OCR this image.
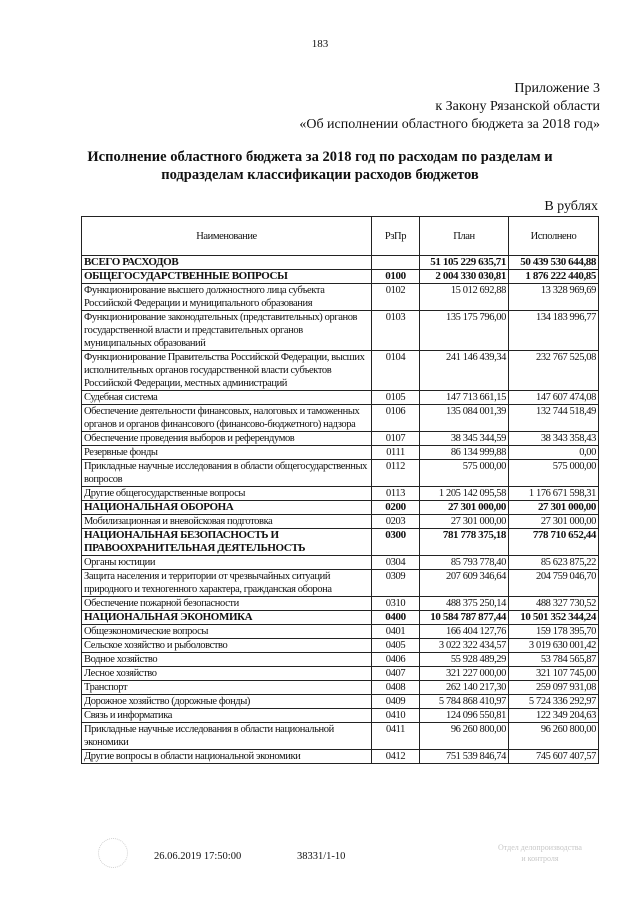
183
Приложение 3
к Закону Рязанской области
«Об исполнении областного бюджета за 2018 год»
Исполнение областного бюджета за 2018 год по расходам по разделам и подразделам классификации расходов бюджетов
В рублях
Наименование	РзПр	План	Исполнено
ВСЕГО РАСХОДОВ		51 105 229 635,71	50 439 530 644,88
ОБЩЕГОСУДАРСТВЕННЫЕ ВОПРОСЫ	0100	2 004 330 030,81	1 876 222 440,85
Функционирование высшего должностного лица субъекта Российской Федерации и муниципального образования	0102	15 012 692,88	13 328 969,69
Функционирование законодательных (представительных) органов государственной власти и представительных органов муниципальных образований	0103	135 175 796,00	134 183 996,77
Функционирование Правительства Российской Федерации, высших исполнительных органов государственной власти субъектов Российской Федерации, местных администраций	0104	241 146 439,34	232 767 525,08
Судебная система	0105	147 713 661,15	147 607 474,08
Обеспечение деятельности финансовых, налоговых и таможенных органов и органов финансового (финансово-бюджетного) надзора	0106	135 084 001,39	132 744 518,49
Обеспечение проведения выборов и референдумов	0107	38 345 344,59	38 343 358,43
Резервные фонды	0111	86 134 999,88	0,00
Прикладные научные исследования в области общегосударственных вопросов	0112	575 000,00	575 000,00
Другие общегосударственные вопросы	0113	1 205 142 095,58	1 176 671 598,31
НАЦИОНАЛЬНАЯ ОБОРОНА	0200	27 301 000,00	27 301 000,00
Мобилизационная и вневойсковая подготовка	0203	27 301 000,00	27 301 000,00
НАЦИОНАЛЬНАЯ БЕЗОПАСНОСТЬ И ПРАВООХРАНИТЕЛЬНАЯ ДЕЯТЕЛЬНОСТЬ	0300	781 778 375,18	778 710 652,44
Органы юстиции	0304	85 793 778,40	85 623 875,22
Защита населения и территории от чрезвычайных ситуаций природного и техногенного характера, гражданская оборона	0309	207 609 346,64	204 759 046,70
Обеспечение пожарной безопасности	0310	488 375 250,14	488 327 730,52
НАЦИОНАЛЬНАЯ ЭКОНОМИКА	0400	10 584 787 877,44	10 501 352 344,24
Общеэкономические вопросы	0401	166 404 127,76	159 178 395,70
Сельское хозяйство и рыболовство	0405	3 022 322 434,57	3 019 630 001,42
Водное хозяйство	0406	55 928 489,29	53 784 565,87
Лесное хозяйство	0407	321 227 000,00	321 107 745,00
Транспорт	0408	262 140 217,30	259 097 931,08
Дорожное хозяйство (дорожные фонды)	0409	5 784 868 410,97	5 724 336 292,97
Связь и информатика	0410	124 096 550,81	122 349 204,63
Прикладные научные исследования в области национальной экономики	0411	96 260 800,00	96 260 800,00
Другие вопросы в области национальной экономики	0412	751 539 846,74	745 607 407,57
26.06.2019 17:50:00	38331/1-10
Отдел делопроизводства
и контроля
